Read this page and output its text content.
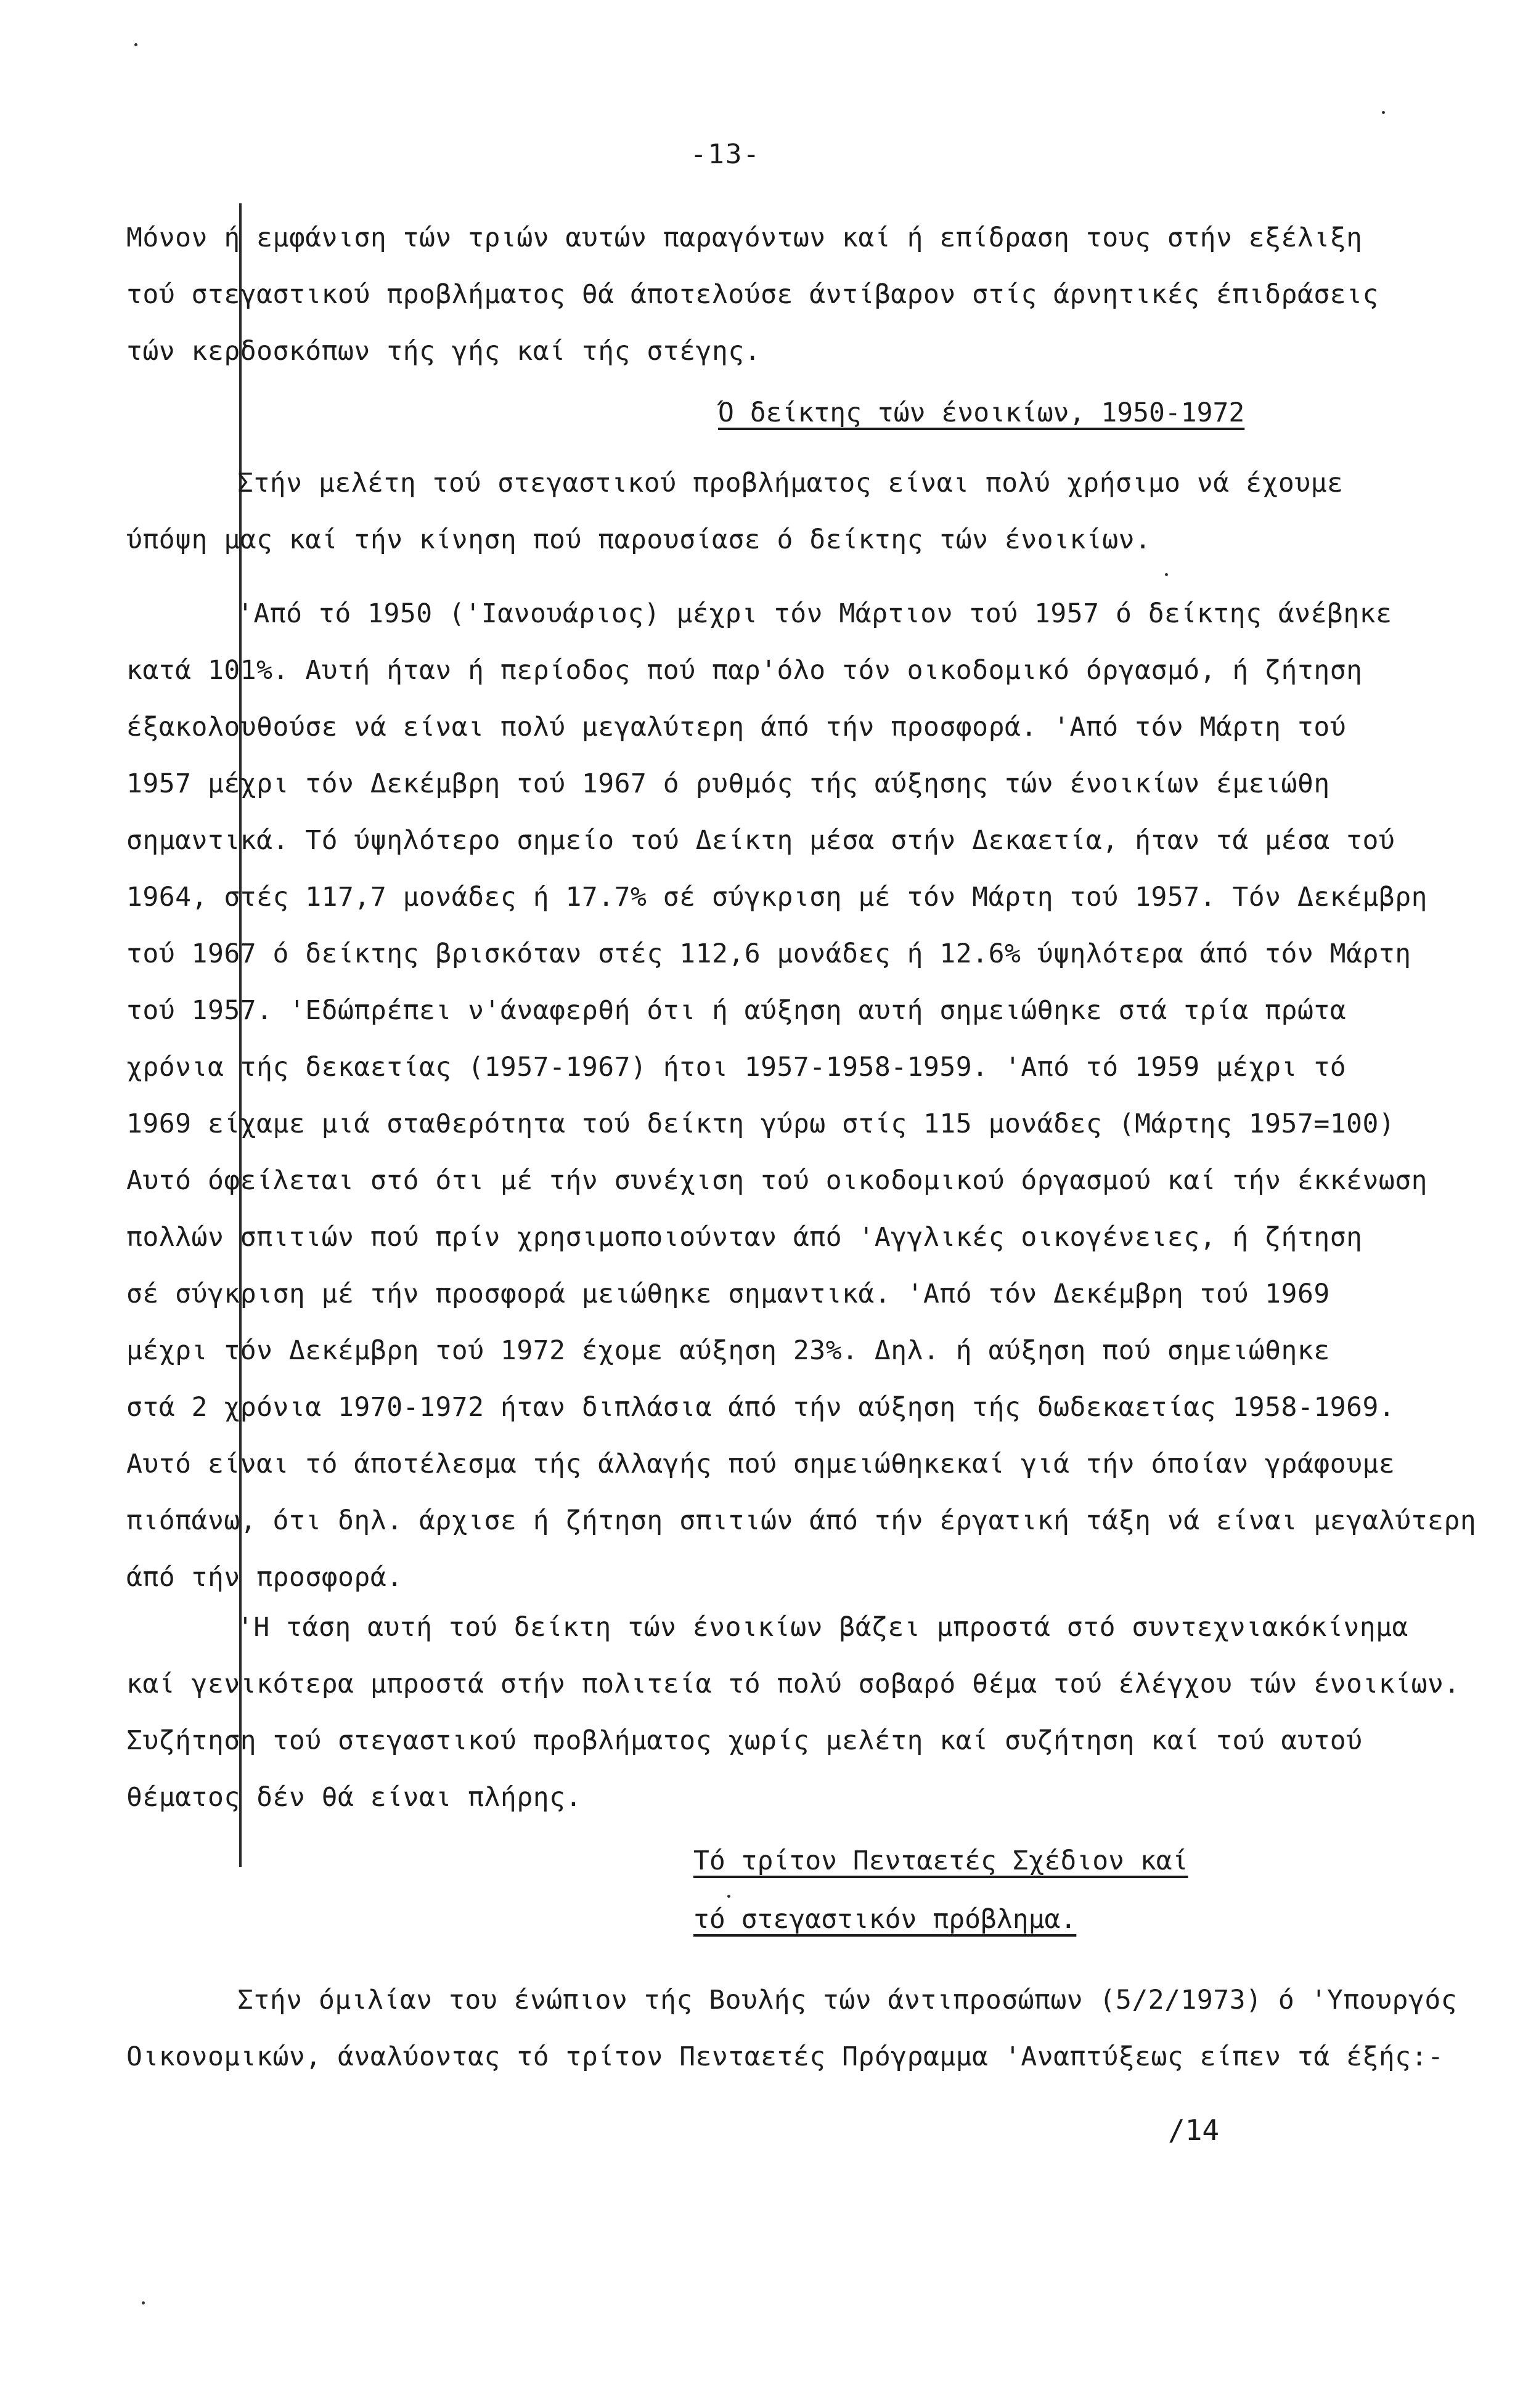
-13-
Μόνον ή εμφάνιση τών τριών αυτών παραγόντων καί ή επίδραση τους στήν εξέλιξη
τού στεγαστικού προβλήματος θά άποτελούσε άντίβαρον στίς άρνητικές έπιδράσεις
τών κερδοσκόπων τής γής καί τής στέγης.
Ό δείκτης τών ένοικίων, 1950-1972
Στήν μελέτη τού στεγαστικού προβλήματος είναι πολύ χρήσιμο νά έχουμε
ύπόψη μας καί τήν κίνηση πού παρουσίασε ό δείκτης τών ένοικίων.
'Από τό 1950 ('Ιανουάριος) μέχρι τόν Μάρτιον τού 1957 ό δείκτης άνέβηκε
κατά 101%. Αυτή ήταν ή περίοδος πού παρ'όλο τόν οικοδομικό όργασμό, ή ζήτηση
έξακολουθούσε νά είναι πολύ μεγαλύτερη άπό τήν προσφορά. 'Από τόν Μάρτη τού
1957 μέχρι τόν Δεκέμβρη τού 1967 ό ρυθμός τής αύξησης τών ένοικίων έμειώθη
σημαντικά. Τό ύψηλότερο σημείο τού Δείκτη μέσα στήν Δεκαετία, ήταν τά μέσα τού
1964, στές 117,7 μονάδες ή 17.7% σέ σύγκριση μέ τόν Μάρτη τού 1957. Τόν Δεκέμβρη
τού 1967 ό δείκτης βρισκόταν στές 112,6 μονάδες ή 12.6% ύψηλότερα άπό τόν Μάρτη
τού 1957. 'Εδώπρέπει ν'άναφερθή ότι ή αύξηση αυτή σημειώθηκε στά τρία πρώτα
χρόνια τής δεκαετίας (1957-1967) ήτοι 1957-1958-1959. 'Από τό 1959 μέχρι τό
1969 είχαμε μιά σταθερότητα τού δείκτη γύρω στίς 115 μονάδες (Μάρτης 1957=100)
Αυτό όφείλεται στό ότι μέ τήν συνέχιση τού οικοδομικού όργασμού καί τήν έκκένωση
πολλών σπιτιών πού πρίν χρησιμοποιούνταν άπό 'Αγγλικές οικογένειες, ή ζήτηση
σέ σύγκριση μέ τήν προσφορά μειώθηκε σημαντικά. 'Από τόν Δεκέμβρη τού 1969
μέχρι τόν Δεκέμβρη τού 1972 έχομε αύξηση 23%. Δηλ. ή αύξηση πού σημειώθηκε
στά 2 χρόνια 1970-1972 ήταν διπλάσια άπό τήν αύξηση τής δωδεκαετίας 1958-1969.
Αυτό είναι τό άποτέλεσμα τής άλλαγής πού σημειώθηκεκαί γιά τήν όποίαν γράφουμε
πιόπάνω, ότι δηλ. άρχισε ή ζήτηση σπιτιών άπό τήν έργατική τάξη νά είναι μεγαλύτερη
άπό τήν προσφορά.
'Η τάση αυτή τού δείκτη τών ένοικίων βάζει μπροστά στό συντεχνιακόκίνημα
καί γενικότερα μπροστά στήν πολιτεία τό πολύ σοβαρό θέμα τού έλέγχου τών ένοικίων.
Συζήτηση τού στεγαστικού προβλήματος χωρίς μελέτη καί συζήτηση καί τού αυτού
θέματος δέν θά είναι πλήρης.
Τό τρίτον Πενταετές Σχέδιον καί
τό στεγαστικόν πρόβλημα.
Στήν όμιλίαν του ένώπιον τής Βουλής τών άντιπροσώπων (5/2/1973) ό 'Υπουργός
Οικονομικών, άναλύοντας τό τρίτον Πενταετές Πρόγραμμα 'Αναπτύξεως είπεν τά έξής:-
/14
